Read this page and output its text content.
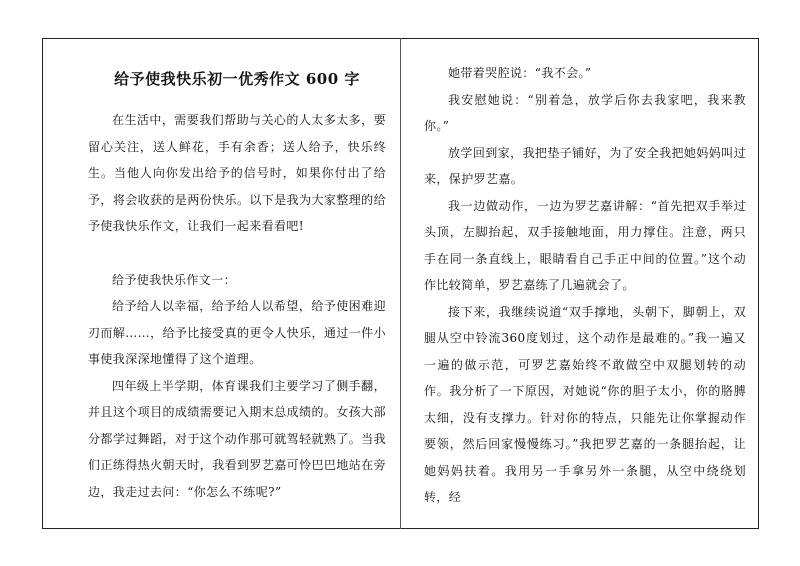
给予使我快乐初一优秀作文 600 字

在生活中，需要我们帮助与关心的人太多太多，要留心关注，送人鲜花，手有余香；送人给予，快乐终生。当他人向你发出给予的信号时，如果你付出了给予，将会收获的是两份快乐。以下是我为大家整理的给予使我快乐作文，让我们一起来看看吧!

给予使我快乐作文一：

给予给人以幸福，给予给人以希望，给予使困难迎刃而解……，给予比接受真的更令人快乐，通过一件小事使我深深地懂得了这个道理。

四年级上半学期，体育课我们主要学习了侧手翻，并且这个项目的成绩需要记入期末总成绩的。女孩大部分都学过舞蹈，对于这个动作那可就驾轻就熟了。当我们正练得热火朝天时，我看到罗艺嘉可怜巴巴地站在旁边，我走过去问：“你怎么不练呢?”

她带着哭腔说：“我不会。”

我安慰她说：“别着急，放学后你去我家吧，我来教你。”

放学回到家，我把垫子铺好，为了安全我把她妈妈叫过来，保护罗艺嘉。

我一边做动作，一边为罗艺嘉讲解：“首先把双手举过头顶，左脚抬起，双手接触地面，用力撑住。注意，两只手在同一条直线上，眼睛看自己手正中间的位置。”这个动作比较简单，罗艺嘉练了几遍就会了。

接下来，我继续说道“双手撑地，头朝下，脚朝上，双腿从空中铃流360度划过，这个动作是最难的。”我一遍又一遍的做示范，可罗艺嘉始终不敢做空中双腿划转的动作。我分析了一下原因，对她说“你的胆子太小，你的胳膊太细，没有支撑力。针对你的特点，只能先让你掌握动作要领，然后回家慢慢练习。”我把罗艺嘉的一条腿抬起，让她妈妈扶着。我用另一手拿另外一条腿，从空中绕绕划转，经
